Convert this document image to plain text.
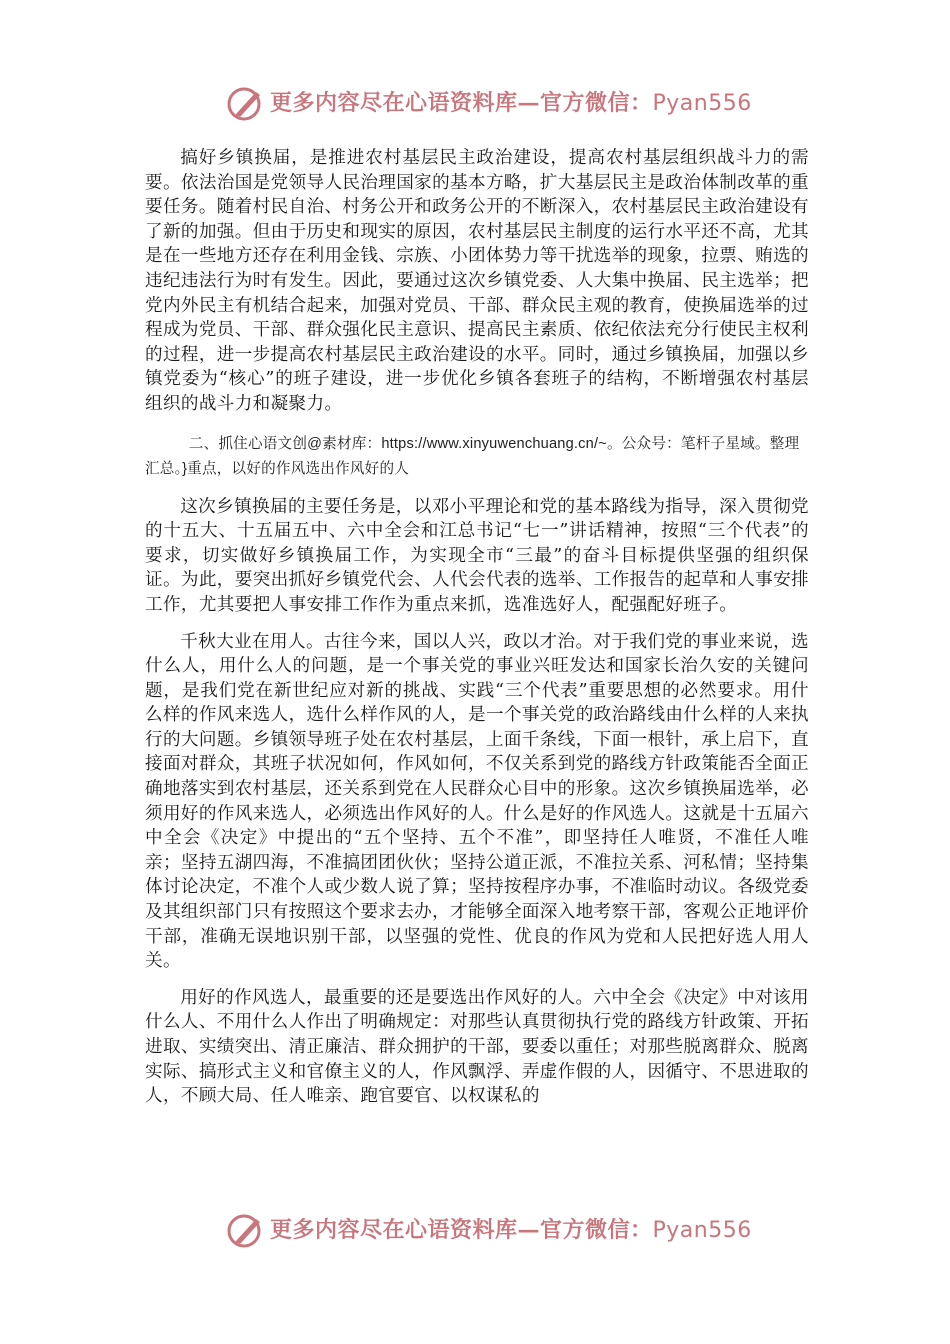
更多内容尽在心语资料库—官方微信：Pyan556

搞好乡镇换届，是推进农村基层民主政治建设，提高农村基层组织战斗力的需要。依法治国是党领导人民治理国家的基本方略，扩大基层民主是政治体制改革的重要任务。随着村民自治、村务公开和政务公开的不断深入，农村基层民主政治建设有了新的加强。但由于历史和现实的原因，农村基层民主制度的运行水平还不高，尤其是在一些地方还存在利用金钱、宗族、小团体势力等干扰选举的现象，拉票、贿选的违纪违法行为时有发生。因此，要通过这次乡镇党委、人大集中换届、民主选举；把党内外民主有机结合起来，加强对党员、干部、群众民主观的教育，使换届选举的过程成为党员、干部、群众强化民主意识、提高民主素质、依纪依法充分行使民主权利的过程，进一步提高农村基层民主政治建设的水平。同时，通过乡镇换届，加强以乡镇党委为“核心”的班子建设，进一步优化乡镇各套班子的结构，不断增强农村基层组织的战斗力和凝聚力。

二、抓住心语文创@素材库：https://www.xinyuwenchuang.cn/~。公众号：笔杆子星域。整理汇总。}重点，以好的作风选出作风好的人

这次乡镇换届的主要任务是，以邓小平理论和党的基本路线为指导，深入贯彻党的十五大、十五届五中、六中全会和江总书记“七一”讲话精神，按照“三个代表”的要求，切实做好乡镇换届工作，为实现全市“三最”的奋斗目标提供坚强的组织保证。为此，要突出抓好乡镇党代会、人代会代表的选举、工作报告的起草和人事安排工作，尤其要把人事安排工作作为重点来抓，选准选好人，配强配好班子。

千秋大业在用人。古往今来，国以人兴，政以才治。对于我们党的事业来说，选什么人，用什么人的问题，是一个事关党的事业兴旺发达和国家长治久安的关键问题，是我们党在新世纪应对新的挑战、实践“三个代表”重要思想的必然要求。用什么样的作风来选人，选什么样作风的人，是一个事关党的政治路线由什么样的人来执行的大问题。乡镇领导班子处在农村基层，上面千条线，下面一根针，承上启下，直接面对群众，其班子状况如何，作风如何，不仅关系到党的路线方针政策能否全面正确地落实到农村基层，还关系到党在人民群众心目中的形象。这次乡镇换届选举，必须用好的作风来选人，必须选出作风好的人。什么是好的作风选人。这就是十五届六中全会《决定》中提出的“五个坚持、五个不准”，即坚持任人唯贤，不准任人唯亲；坚持五湖四海，不准搞团团伙伙；坚持公道正派，不准拉关系、河私情；坚持集体讨论决定，不准个人或少数人说了算；坚持按程序办事，不准临时动议。各级党委及其组织部门只有按照这个要求去办，才能够全面深入地考察干部，客观公正地评价干部，准确无误地识别干部，以坚强的党性、优良的作风为党和人民把好选人用人关。

用好的作风选人，最重要的还是要选出作风好的人。六中全会《决定》中对该用什么人、不用什么人作出了明确规定：对那些认真贯彻执行党的路线方针政策、开拓进取、实绩突出、清正廉洁、群众拥护的干部，要委以重任；对那些脱离群众、脱离实际、搞形式主义和官僚主义的人，作风飘浮、弄虚作假的人，因循守、不思进取的人，不顾大局、任人唯亲、跑官要官、以权谋私的

更多内容尽在心语资料库—官方微信：Pyan556
